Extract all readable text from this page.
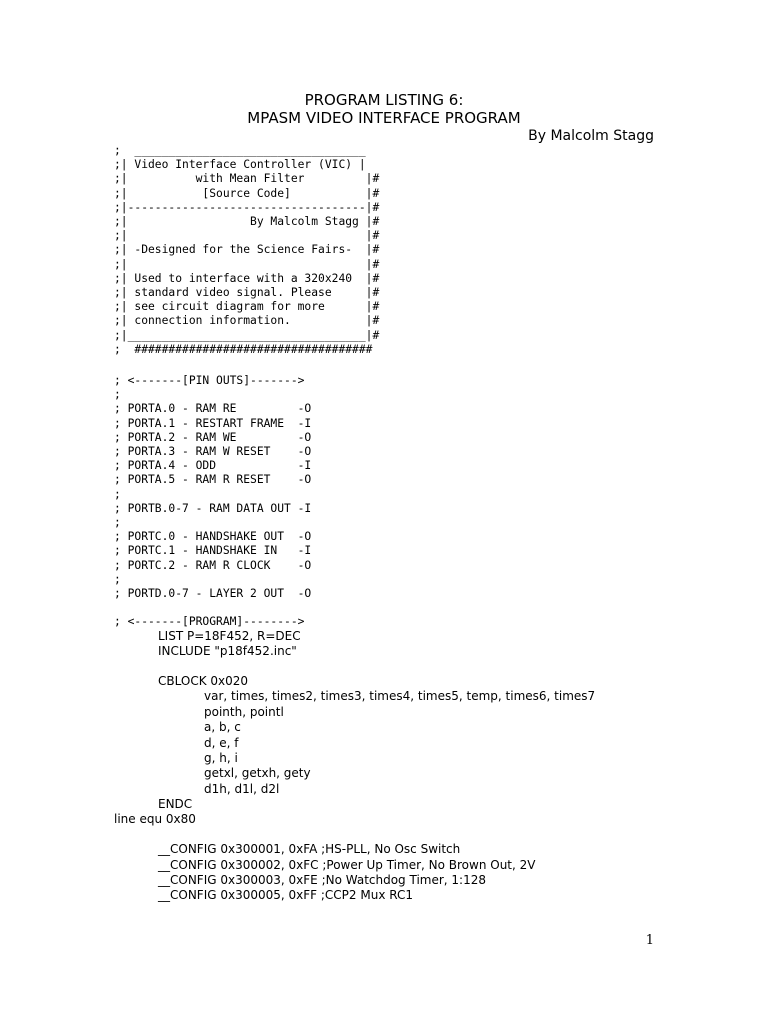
PROGRAM LISTING 6:
MPASM VIDEO INTERFACE PROGRAM
By Malcolm Stagg
;  __________________________________
;| Video Interface Controller (VIC) |
;|          with Mean Filter         |#
;|           [Source Code]           |#
;|-----------------------------------|#
;|                  By Malcolm Stagg |#
;|                                   |#
;| -Designed for the Science Fairs-  |#
;|                                   |#
;| Used to interface with a 320x240  |#
;| standard video signal. Please     |#
;| see circuit diagram for more      |#
;| connection information.           |#
;|___________________________________|#
;  ###################################
; <-------[PIN OUTS]------->
;
; PORTA.0 - RAM RE         -O
; PORTA.1 - RESTART FRAME  -I
; PORTA.2 - RAM WE         -O
; PORTA.3 - RAM W RESET    -O
; PORTA.4 - ODD            -I
; PORTA.5 - RAM R RESET    -O
;
; PORTB.0-7 - RAM DATA OUT -I
;
; PORTC.0 - HANDSHAKE OUT  -O
; PORTC.1 - HANDSHAKE IN   -I
; PORTC.2 - RAM R CLOCK    -O
;
; PORTD.0-7 - LAYER 2 OUT  -O

; <-------[PROGRAM]-------->
LIST P=18F452, R=DEC
INCLUDE "p18f452.inc"
CBLOCK 0x020
var, times, times2, times3, times4, times5, temp, times6, times7
pointh, pointl
a, b, c
d, e, f
g, h, i
getxl, getxh, gety
d1h, d1l, d2l
ENDC
line equ 0x80
__CONFIG 0x300001, 0xFA ;HS-PLL, No Osc Switch
__CONFIG 0x300002, 0xFC ;Power Up Timer, No Brown Out, 2V
__CONFIG 0x300003, 0xFE ;No Watchdog Timer, 1:128
__CONFIG 0x300005, 0xFF ;CCP2 Mux RC1
1
